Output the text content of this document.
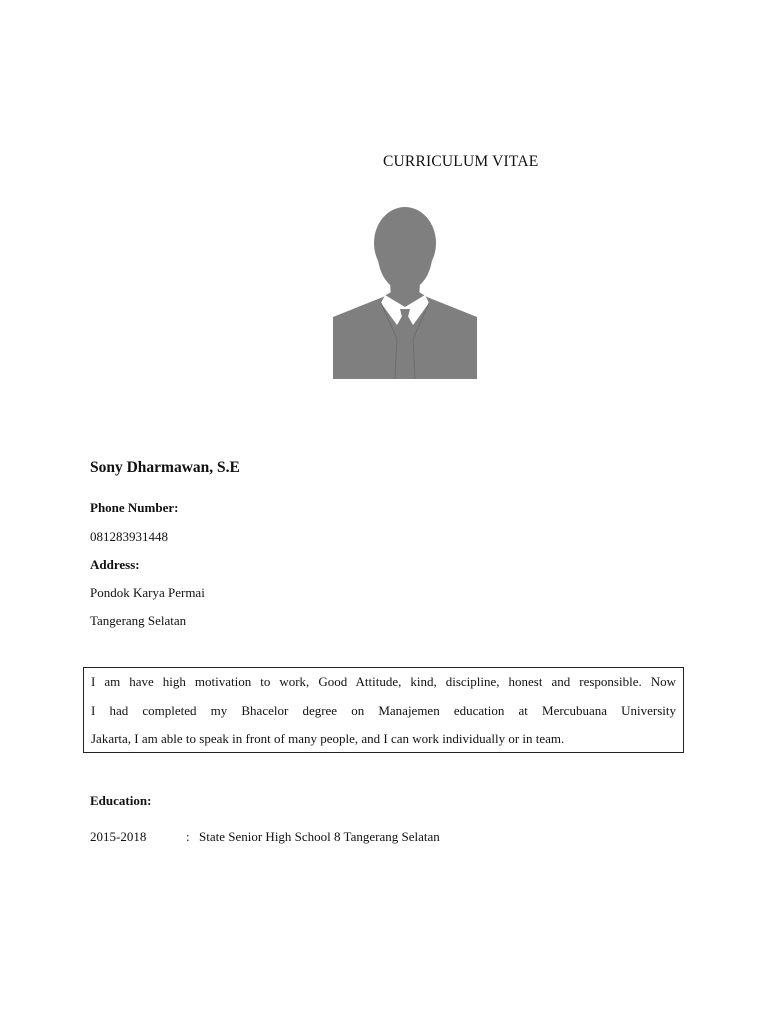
CURRICULUM VITAE
Sony Dharmawan, S.E
Phone Number:
081283931448
Address:
Pondok Karya Permai
Tangerang Selatan
I am have high motivation to work, Good Attitude, kind, discipline, honest and responsible. Now
I had completed my Bhacelor degree on Manajemen education at Mercubuana University
Jakarta, I am able to speak in front of many people, and I can work individually or in team.
Education:
2015-2018	: State Senior High School 8 Tangerang Selatan
